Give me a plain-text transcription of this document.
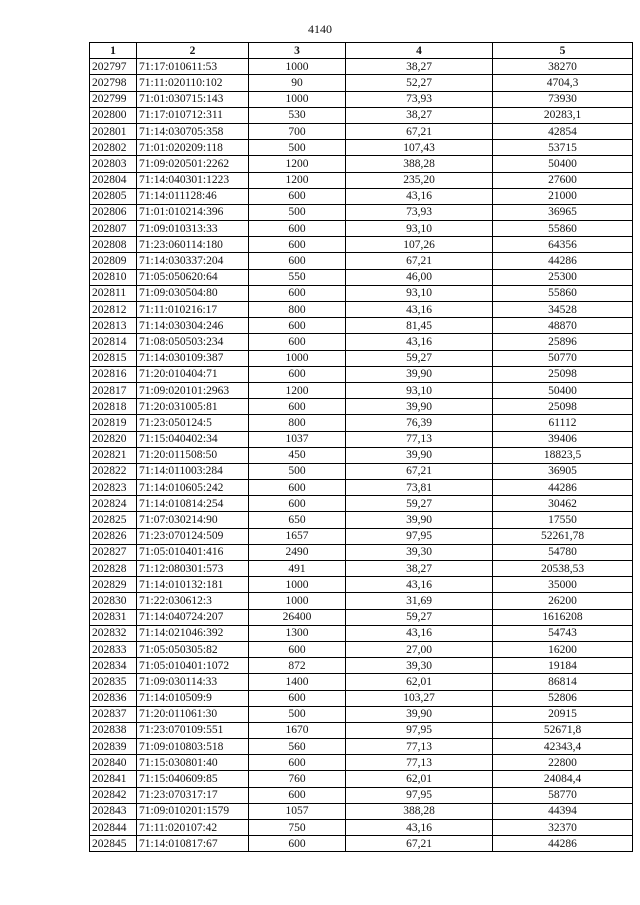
4140
1	2	3	4	5
202797	71:17:010611:53	1000	38,27	38270
202798	71:11:020110:102	90	52,27	4704,3
202799	71:01:030715:143	1000	73,93	73930
202800	71:17:010712:311	530	38,27	20283,1
202801	71:14:030705:358	700	67,21	42854
202802	71:01:020209:118	500	107,43	53715
202803	71:09:020501:2262	1200	388,28	50400
202804	71:14:040301:1223	1200	235,20	27600
202805	71:14:011128:46	600	43,16	21000
202806	71:01:010214:396	500	73,93	36965
202807	71:09:010313:33	600	93,10	55860
202808	71:23:060114:180	600	107,26	64356
202809	71:14:030337:204	600	67,21	44286
202810	71:05:050620:64	550	46,00	25300
202811	71:09:030504:80	600	93,10	55860
202812	71:11:010216:17	800	43,16	34528
202813	71:14:030304:246	600	81,45	48870
202814	71:08:050503:234	600	43,16	25896
202815	71:14:030109:387	1000	59,27	50770
202816	71:20:010404:71	600	39,90	25098
202817	71:09:020101:2963	1200	93,10	50400
202818	71:20:031005:81	600	39,90	25098
202819	71:23:050124:5	800	76,39	61112
202820	71:15:040402:34	1037	77,13	39406
202821	71:20:011508:50	450	39,90	18823,5
202822	71:14:011003:284	500	67,21	36905
202823	71:14:010605:242	600	73,81	44286
202824	71:14:010814:254	600	59,27	30462
202825	71:07:030214:90	650	39,90	17550
202826	71:23:070124:509	1657	97,95	52261,78
202827	71:05:010401:416	2490	39,30	54780
202828	71:12:080301:573	491	38,27	20538,53
202829	71:14:010132:181	1000	43,16	35000
202830	71:22:030612:3	1000	31,69	26200
202831	71:14:040724:207	26400	59,27	1616208
202832	71:14:021046:392	1300	43,16	54743
202833	71:05:050305:82	600	27,00	16200
202834	71:05:010401:1072	872	39,30	19184
202835	71:09:030114:33	1400	62,01	86814
202836	71:14:010509:9	600	103,27	52806
202837	71:20:011061:30	500	39,90	20915
202838	71:23:070109:551	1670	97,95	52671,8
202839	71:09:010803:518	560	77,13	42343,4
202840	71:15:030801:40	600	77,13	22800
202841	71:15:040609:85	760	62,01	24084,4
202842	71:23:070317:17	600	97,95	58770
202843	71:09:010201:1579	1057	388,28	44394
202844	71:11:020107:42	750	43,16	32370
202845	71:14:010817:67	600	67,21	44286
